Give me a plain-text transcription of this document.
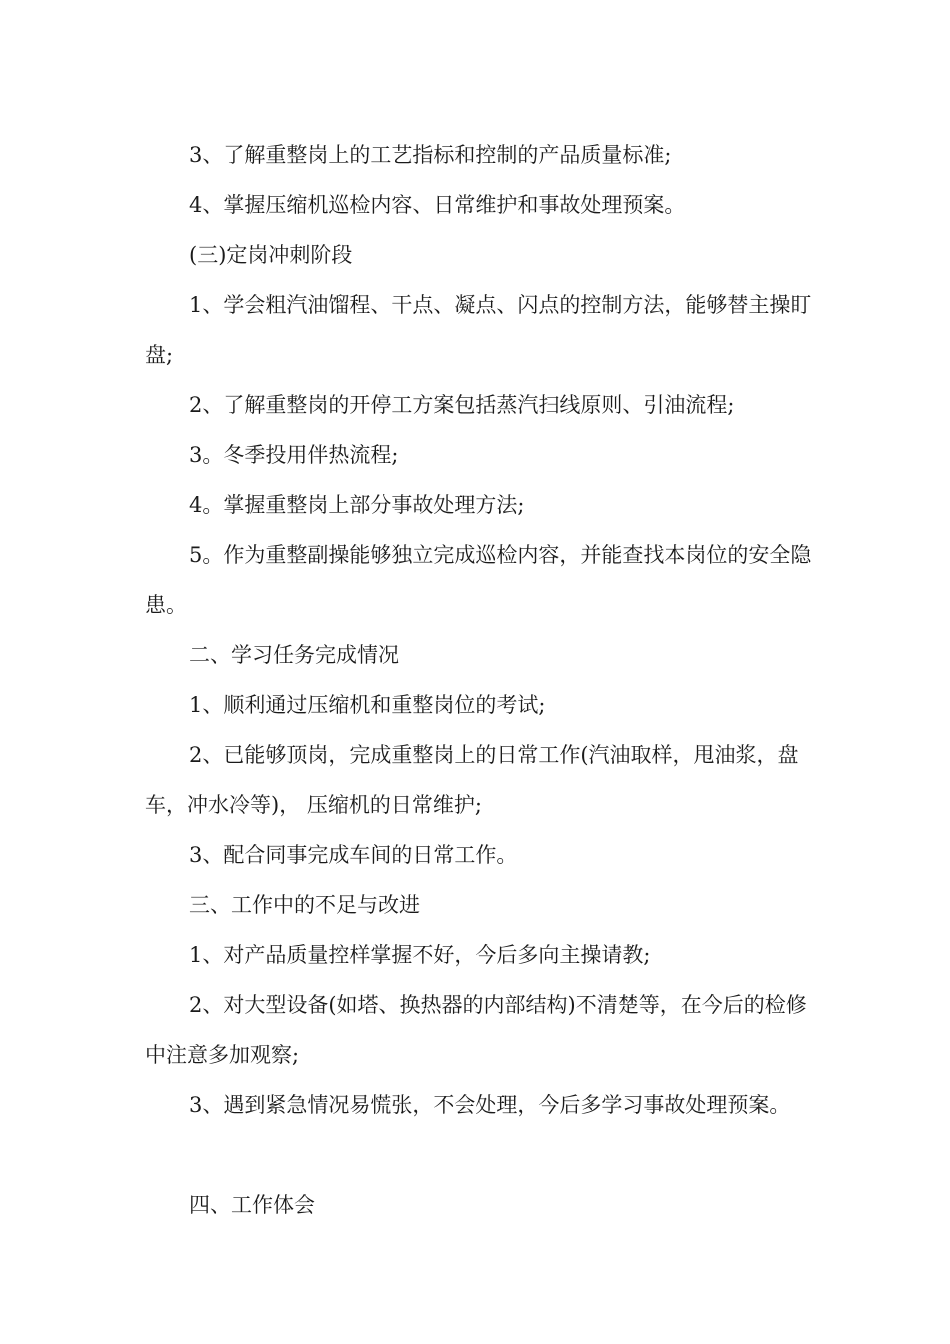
3、了解重整岗上的工艺指标和控制的产品质量标准;

4、掌握压缩机巡检内容、日常维护和事故处理预案。

(三)定岗冲刺阶段

1、学会粗汽油馏程、干点、凝点、闪点的控制方法，能够替主操盯盘;

2、了解重整岗的开停工方案包括蒸汽扫线原则、引油流程;

3。冬季投用伴热流程;

4。掌握重整岗上部分事故处理方法;

5。作为重整副操能够独立完成巡检内容，并能查找本岗位的安全隐患。

二、学习任务完成情况

1、顺利通过压缩机和重整岗位的考试;

2、已能够顶岗，完成重整岗上的日常工作(汽油取样，甩油浆，盘车，冲水冷等)， 压缩机的日常维护;

3、配合同事完成车间的日常工作。

三、工作中的不足与改进

1、对产品质量控样掌握不好，今后多向主操请教;

2、对大型设备(如塔、换热器的内部结构)不清楚等，在今后的检修中注意多加观察;

3、遇到紧急情况易慌张，不会处理，今后多学习事故处理预案。

四、工作体会
